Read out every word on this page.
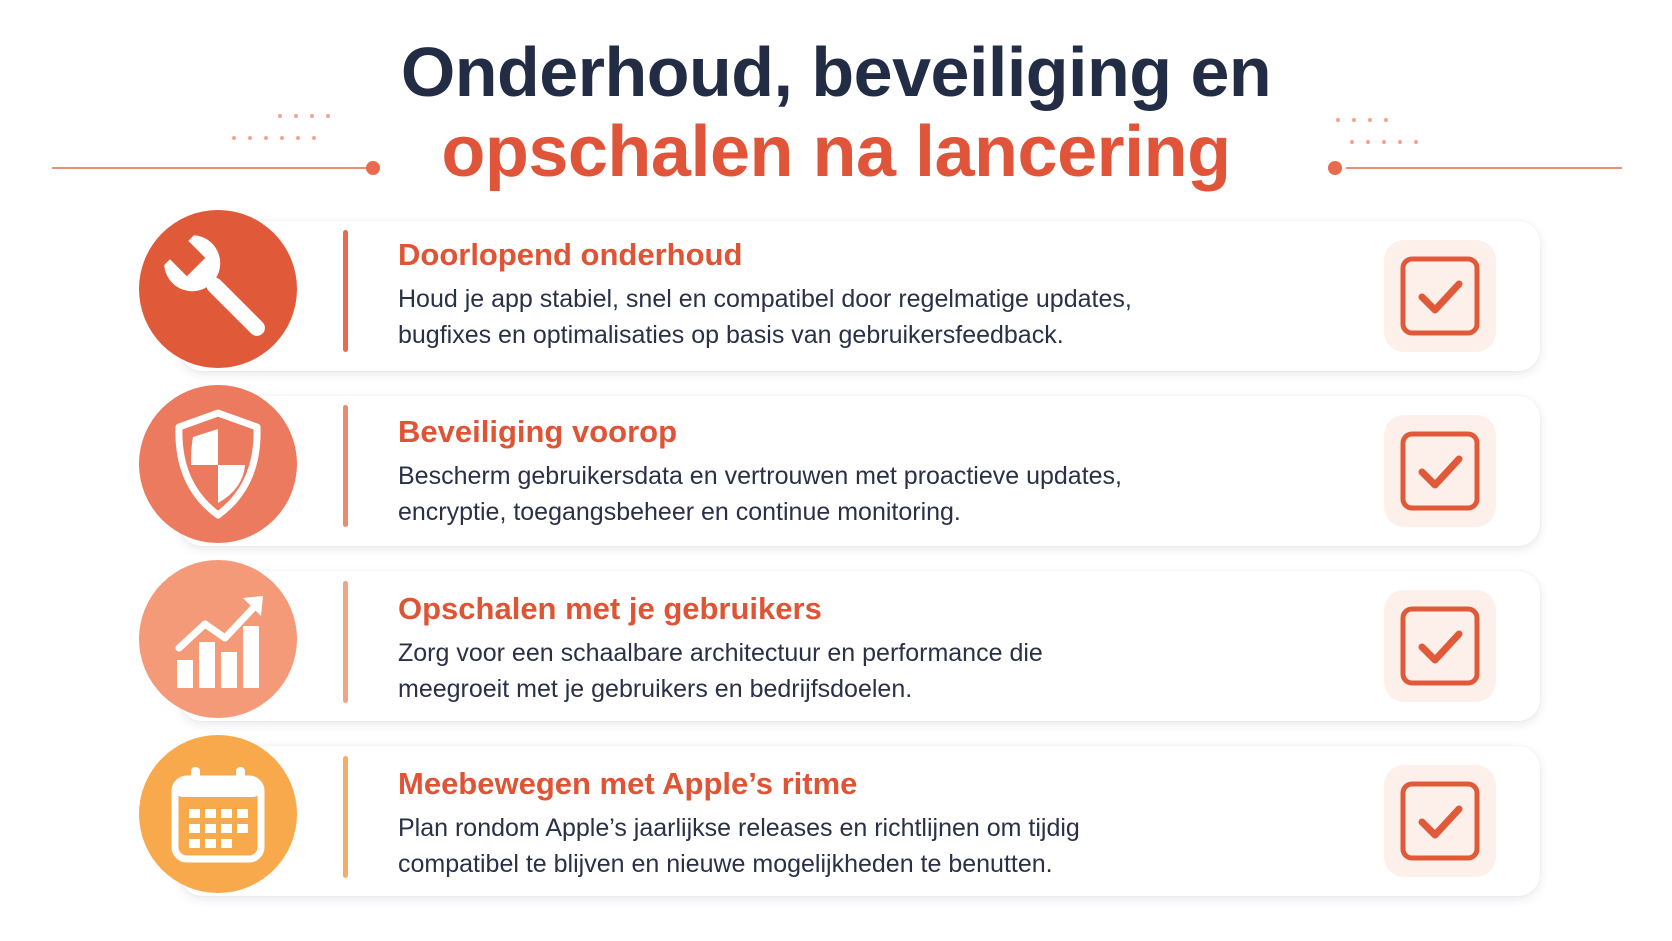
Onderhoud, beveiliging en
opschalen na lancering
Doorlopend onderhoud
Houd je app stabiel, snel en compatibel door regelmatige updates,
bugfixes en optimalisaties op basis van gebruikersfeedback.
Beveiliging voorop
Bescherm gebruikersdata en vertrouwen met proactieve updates,
encryptie, toegangsbeheer en continue monitoring.
Opschalen met je gebruikers
Zorg voor een schaalbare architectuur en performance die
meegroeit met je gebruikers en bedrijfsdoelen.
Meebewegen met Apple’s ritme
Plan rondom Apple’s jaarlijkse releases en richtlijnen om tijdig
compatibel te blijven en nieuwe mogelijkheden te benutten.
